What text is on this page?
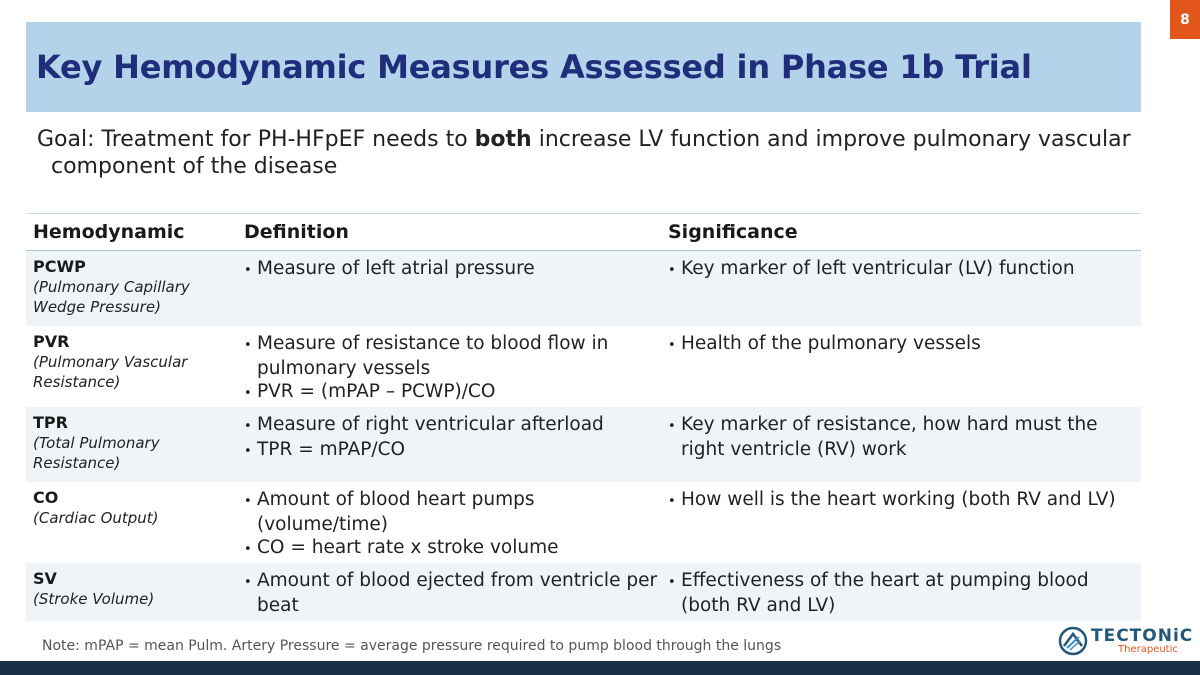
8
Key Hemodynamic Measures Assessed in Phase 1b Trial
Goal: Treatment for PH-HFpEF needs to both increase LV function and improve pulmonary vascular component of the disease
Hemodynamic	Definition	Significance
PCWP
(Pulmonary Capillary Wedge Pressure)
• Measure of left atrial pressure
•	Key marker of left ventricular (LV) function
PVR
(Pulmonary Vascular Resistance)
• Measure of resistance to blood flow in pulmonary vessels
• PVR = (mPAP – PCWP)/CO
• Health of the pulmonary vessels
TPR
(Total Pulmonary Resistance)
• Measure of right ventricular afterload
• TPR = mPAP/CO
• Key marker of resistance, how hard must the right ventricle (RV) work
CO
(Cardiac Output)
• Amount of blood heart pumps (volume/time)
• CO = heart rate x stroke volume
• How well is the heart working (both RV and LV)
SV
(Stroke Volume)
• Amount of blood ejected from ventricle per beat
• Effectiveness of the heart at pumping blood (both RV and LV)
Note: mPAP = mean Pulm. Artery Pressure = average pressure required to pump blood through the lungs	TECTONiC
Therapeutic
